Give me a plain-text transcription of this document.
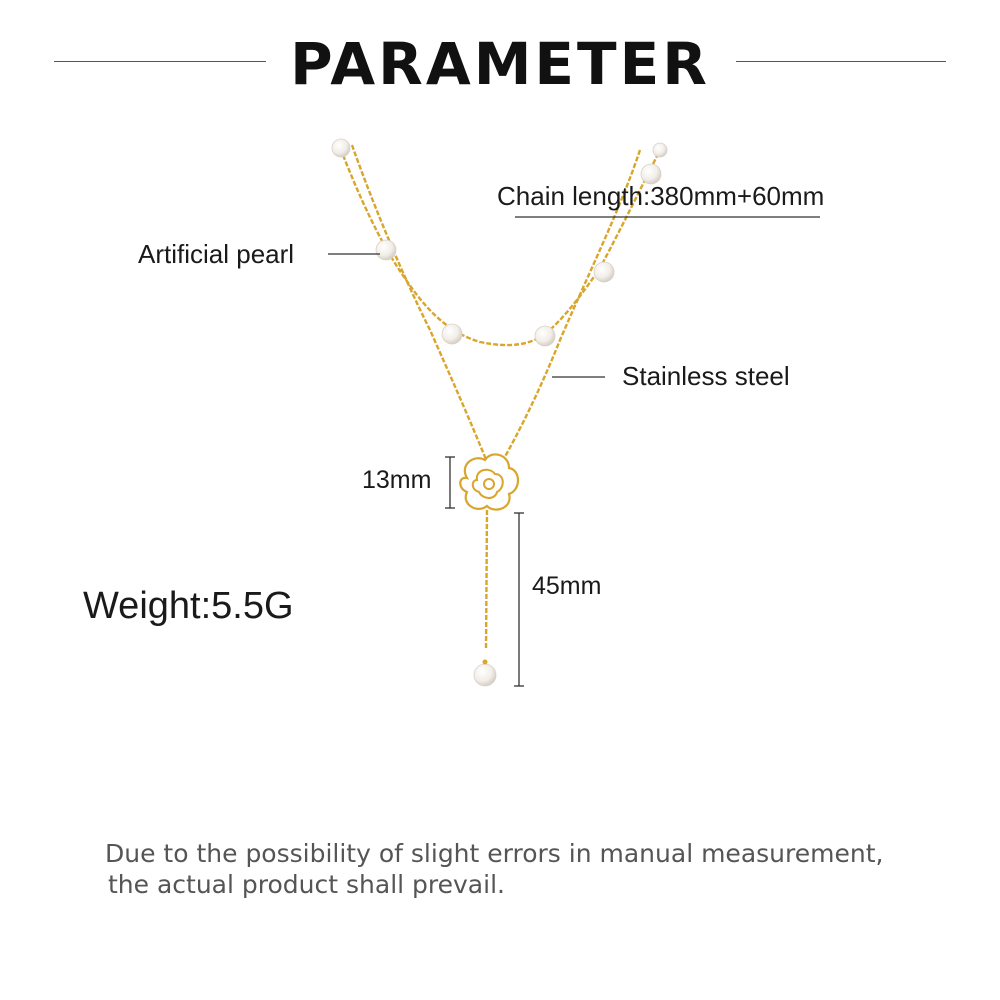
PARAMETER
Chain length:380mm+60mm
Artificial pearl
Stainless steel
13mm
45mm
Weight:5.5G
Due to the possibility of slight errors in manual measurement,
the actual product shall prevail.
